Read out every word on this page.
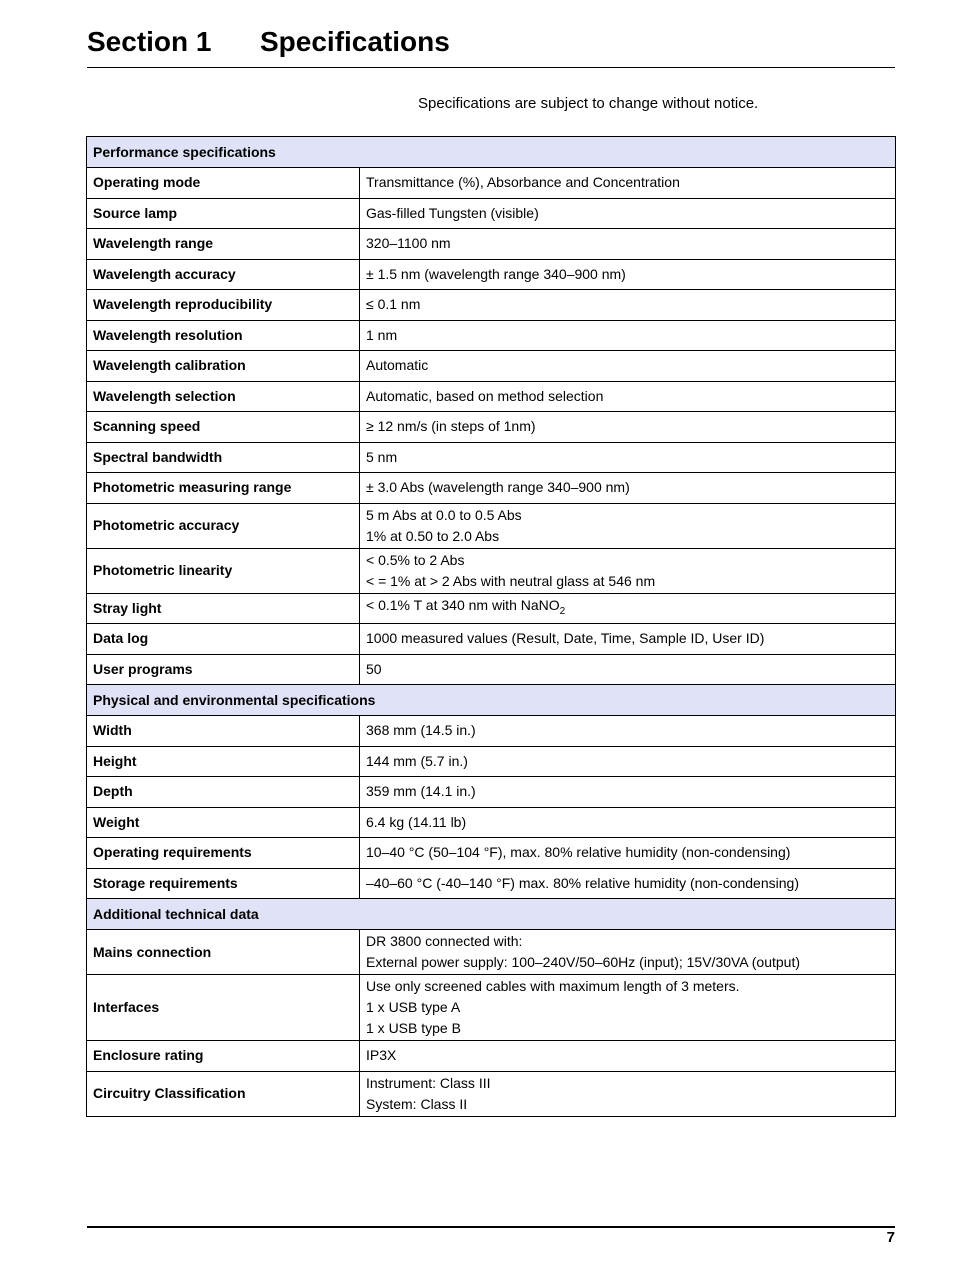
Section 1 Specifications
Specifications are subject to change without notice.
Performance specifications	
Operating mode	Transmittance (%), Absorbance and Concentration
Source lamp	Gas-filled Tungsten (visible)
Wavelength range	320–1100 nm
Wavelength accuracy	± 1.5 nm (wavelength range 340–900 nm)
Wavelength reproducibility	≤ 0.1 nm
Wavelength resolution	1 nm
Wavelength calibration	Automatic
Wavelength selection	Automatic, based on method selection
Scanning speed	≥ 12 nm/s (in steps of 1nm)
Spectral bandwidth	5 nm
Photometric measuring range	± 3.0 Abs (wavelength range 340–900 nm)
Photometric accuracy	5 m Abs at 0.0 to 0.5 Abs
1% at 0.50 to 2.0 Abs

Photometric linearity	< 0.5% to 2 Abs
< = 1% at > 2 Abs with neutral glass at 546 nm

Stray light	< 0.1% T at 340 nm with NaNO$_2$
Data log	1000 measured values (Result, Date, Time, Sample ID, User ID)
User programs	50
Physical and environmental specifications	
Width	368 mm (14.5 in.)
Height	144 mm (5.7 in.)
Depth	359 mm (14.1 in.)
Weight	6.4 kg (14.11 lb)
Operating requirements	10–40 °C (50–104 °F), max. 80% relative humidity (non-condensing)
Storage requirements	–40–60 °C (-40–140 °F) max. 80% relative humidity (non-condensing)
Additional technical data	
Mains connection	DR 3800 connected with:
External power supply: 100–240V/50–60Hz (input); 15V/30VA (output)

Interfaces	Use only screened cables with maximum length of 3 meters.
1 x USB type A
1 x USB type B

Enclosure rating	IP3X
Circuitry Classification	Instrument: Class III
System: Class II
7
